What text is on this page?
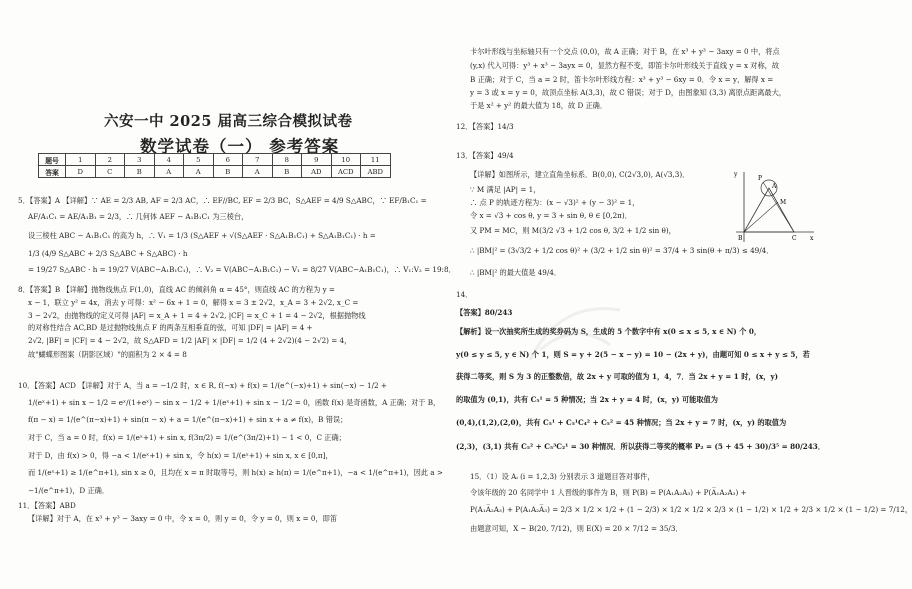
六安一中 2025 届高三综合模拟试卷
数学试卷（一） 参考答案
题号	1	2	3	4	5	6	7	8	9	10	11
答案	D	C	B	A	A	B	A	B	AD	ACD	ABD
5．【答案】A 【详解】∵ AE = 2/3 AB, AF = 2/3 AC，∴ EF//BC, EF = 2/3 BC，S△AEF = 4/9 S△ABC，∵ EF/B₁C₁ =
AF/A₁C₁ = AE/A₁B₁ = 2/3，∴ 几何体 AEF − A₁B₁C₁ 为三棱台，
设三棱柱 ABC − A₁B₁C₁ 的高为 h，∴ V₁ = 1/3 (S△AEF + √(S△AEF · S△A₁B₁C₁) + S△A₁B₁C₁) · h =
1/3 (4/9 S△ABC + 2/3 S△ABC + S△ABC) · h
= 19/27 S△ABC · h = 19/27 V(ABC−A₁B₁C₁)，∴ V₂ = V(ABC−A₁B₁C₁) − V₁ = 8/27 V(ABC−A₁B₁C₁)，∴ V₁:V₂ = 19:8．
8．【答案】B 【详解】抛物线焦点 F(1,0)，直线 AC 的倾斜角 α = 45°，则直线 AC 的方程为 y =
x − 1，联立 y² = 4x，消去 y 可得：x² − 6x + 1 = 0，解得 x = 3 ± 2√2，x_A = 3 + 2√2, x_C =
3 − 2√2，由抛物线的定义可得 |AF| = x_A + 1 = 4 + 2√2, |CF| = x_C + 1 = 4 − 2√2，根据抛物线
的对称性结合 AC,BD 是过抛物线焦点 F 的两条互相垂直的弦，可知 |DF| = |AF| = 4 +
2√2, |BF| = |CF| = 4 − 2√2，故 S△AFD = 1/2 |AF| × |DF| = 1/2 (4 + 2√2)(4 − 2√2) = 4，
故"蝴蝶形图案（阴影区域）"的面积为 2 × 4 = 8
10．【答案】ACD 【详解】对于 A，当 a = −1/2 时，x ∈ R, f(−x) + f(x) = 1/(e^(−x)+1) + sin(−x) − 1/2 +
1/(eˣ+1) + sin x − 1/2 = eˣ/(1+eˣ) − sin x − 1/2 + 1/(eˣ+1) + sin x − 1/2 = 0，函数 f(x) 是奇函数，A 正确；对于 B，
f(π − x) = 1/(e^(π−x)+1) + sin(π − x) + a = 1/(e^(π−x)+1) + sin x + a ≠ f(x)，B 错误；
对于 C，当 a = 0 时，f(x) = 1/(eˣ+1) + sin x, f(3π/2) = 1/(e^(3π/2)+1) − 1 < 0，C 正确；
对于 D，由 f(x) > 0，得 −a < 1/(eˣ+1) + sin x，令 h(x) = 1/(eˣ+1) + sin x, x ∈ [0,π]，
而 1/(eˣ+1) ≥ 1/(e^π+1), sin x ≥ 0，且均在 x = π 时取等号，则 h(x) ≥ h(π) = 1/(e^π+1)，−a < 1/(e^π+1)，因此 a >
−1/(e^π+1)，D 正确．
11．【答案】ABD
【详解】对于 A，在 x³ + y³ − 3axy = 0 中，令 x = 0，则 y = 0，令 y = 0，则 x = 0，即笛
卡尔叶形线与坐标轴只有一个交点 (0,0)，故 A 正确；对于 B，在 x³ + y³ − 3axy = 0 中，将点
(y,x) 代入可得：y³ + x³ − 3ayx = 0，显然方程不变，即笛卡尔叶形线关于直线 y = x 对称，故
B 正确；对于 C，当 a = 2 时，笛卡尔叶形线方程：x³ + y³ − 6xy = 0．令 x = y，解得 x =
y = 3 或 x = y = 0，故顶点坐标 A(3,3)，故 C 错误；对于 D，由图象知 (3,3) 离原点距离最大，
于是 x² + y² 的最大值为 18，故 D 正确．
12．【答案】14/3
13．【答案】49/4
【详解】如图所示，建立直角坐标系．B(0,0), C(2√3,0), A(√3,3)．
∵ M 满足 |AP| = 1，
∴ 点 P 的轨迹方程为：(x − √3)² + (y − 3)² = 1，
令 x = √3 + cos θ, y = 3 + sin θ, θ ∈ [0,2π)．
又 PM = MC，则 M(3/2 √3 + 1/2 cos θ, 3/2 + 1/2 sin θ)，
∴ |BM|² = (3√3/2 + 1/2 cos θ)² + (3/2 + 1/2 sin θ)² = 37/4 + 3 sin(θ + π/3) ≤ 49/4．
∴ |BM|² 的最大值是 49/4．
14．
【答案】80/243
【解析】设一次抽奖所生成的奖券码为 S，生成的 5 个数字中有 x(0 ≤ x ≤ 5, x ∈ N) 个 0，
y(0 ≤ y ≤ 5, y ∈ N) 个 1，则 S = y + 2(5 − x − y) = 10 − (2x + y)，由题可知 0 ≤ x + y ≤ 5，若
获得二等奖，则 S 为 3 的正整数倍，故 2x + y 可取的值为 1，4，7．当 2x + y = 1 时，(x，y)
的取值为 (0,1)，共有 C₅¹ = 5 种情况；当 2x + y = 4 时，(x，y) 可能取值为
(0,4),(1,2),(2,0)，共有 C₅¹ + C₅¹C₄² + C₅² = 45 种情况；当 2x + y = 7 时，(x，y) 的取值为
(2,3)，(3,1) 共有 C₅² + C₅³C₂¹ = 30 种情况．所以获得二等奖的概率 P₂ = (5 + 45 + 30)/3⁵ = 80/243．
15．（1）设 Aᵢ (i = 1,2,3) 分别表示 3 道题目答对事件，
令该年级的 20 名同学中 1 人晋级的事件为 B，则 P(B) = P(A₁A₂A₃) + P(A̅₁A₂A₃) +
P(A₁A̅₂A₃) + P(A₁A₂A̅₃) = 2/3 × 1/2 × 1/2 + (1 − 2/3) × 1/2 × 1/2 × 2/3 × (1 − 1/2) × 1/2 + 2/3 × 1/2 × (1 − 1/2) = 7/12，
由题意可知，X ~ B(20, 7/12)，则 E(X) = 20 × 7/12 = 35/3．
y
A
P
M
B	C x
